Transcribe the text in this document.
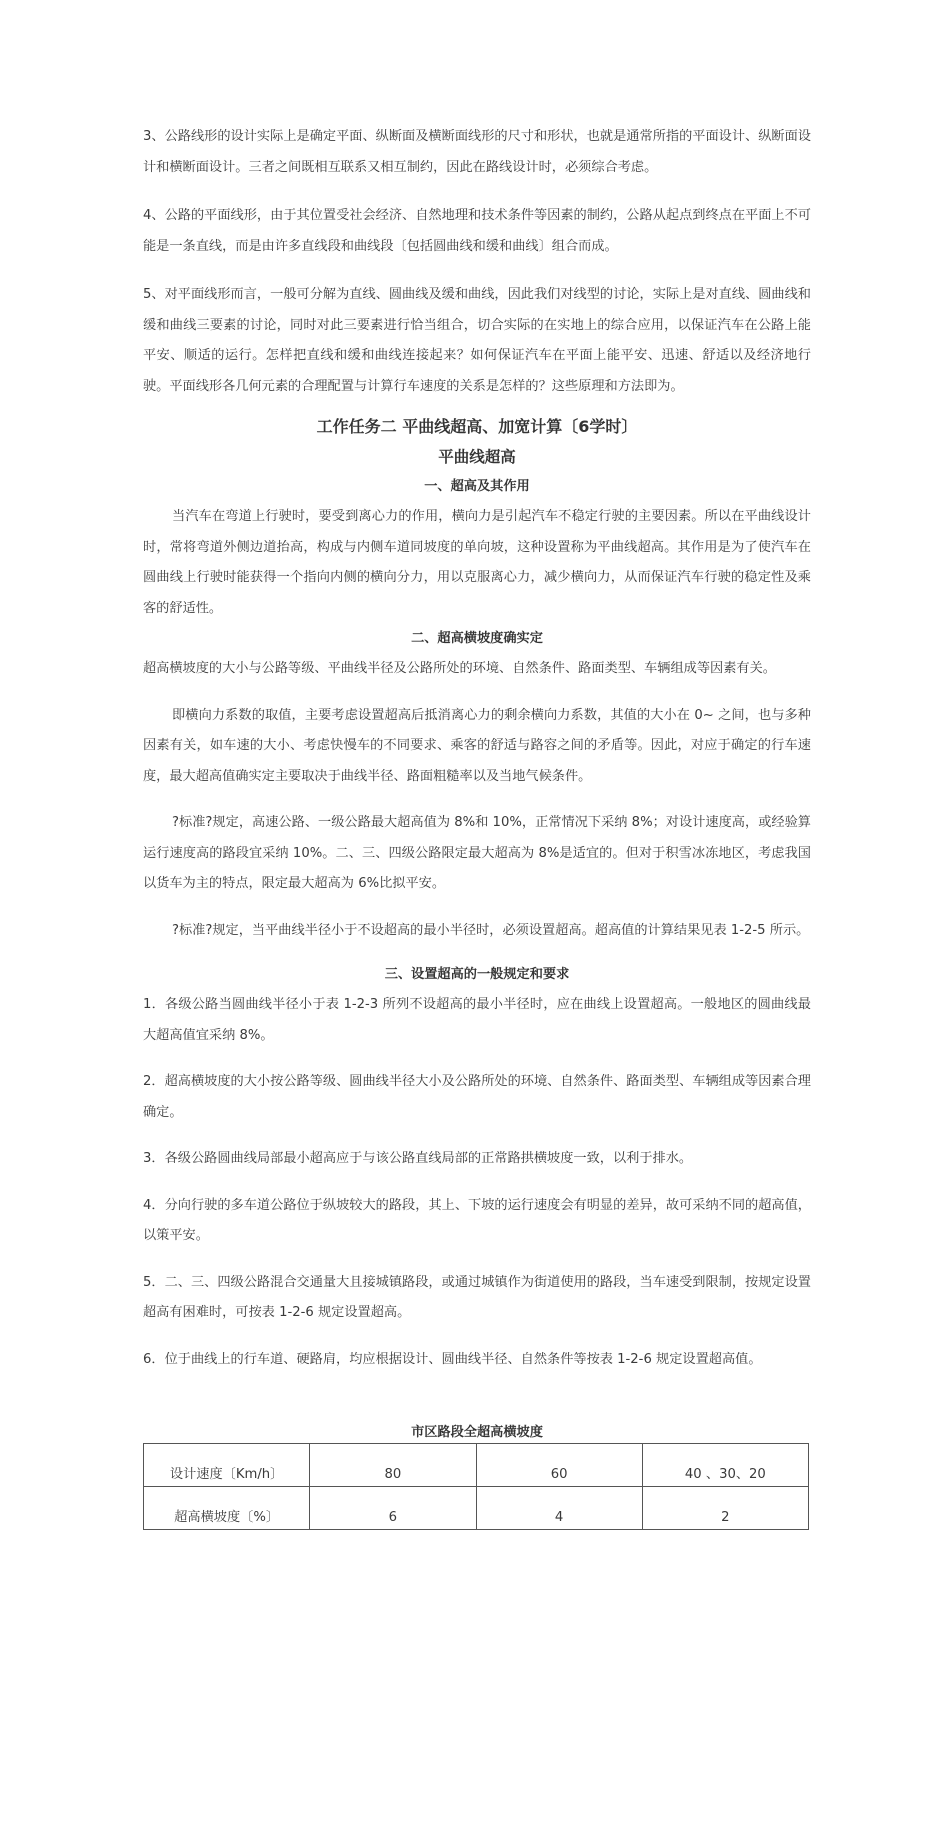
3、公路线形的设计实际上是确定平面、纵断面及横断面线形的尺寸和形状，也就是通常所指的平面设计、纵断面设计和横断面设计。三者之间既相互联系又相互制约，因此在路线设计时，必须综合考虑。

4、公路的平面线形，由于其位置受社会经济、自然地理和技术条件等因素的制约，公路从起点到终点在平面上不可能是一条直线，而是由许多直线段和曲线段〔包括圆曲线和缓和曲线〕组合而成。

5、对平面线形而言，一般可分解为直线、圆曲线及缓和曲线，因此我们对线型的讨论，实际上是对直线、圆曲线和缓和曲线三要素的讨论，同时对此三要素进行恰当组合，切合实际的在实地上的综合应用，以保证汽车在公路上能平安、顺适的运行。怎样把直线和缓和曲线连接起来？如何保证汽车在平面上能平安、迅速、舒适以及经济地行驶。平面线形各几何元素的合理配置与计算行车速度的关系是怎样的？这些原理和方法即为。

工作任务二 平曲线超高、加宽计算〔6学时〕
平曲线超高
一、超高及其作用

当汽车在弯道上行驶时，要受到离心力的作用，横向力是引起汽车不稳定行驶的主要因素。所以在平曲线设计时，常将弯道外侧边道抬高，构成与内侧车道同坡度的单向坡，这种设置称为平曲线超高。其作用是为了使汽车在圆曲线上行驶时能获得一个指向内侧的横向分力，用以克服离心力，减少横向力，从而保证汽车行驶的稳定性及乘客的舒适性。

二、超高横坡度确实定

超高横坡度的大小与公路等级、平曲线半径及公路所处的环境、自然条件、路面类型、车辆组成等因素有关。

即横向力系数的取值，主要考虑设置超高后抵消离心力的剩余横向力系数，其值的大小在 0~ 之间，也与多种因素有关，如车速的大小、考虑快慢车的不同要求、乘客的舒适与路容之间的矛盾等。因此，对应于确定的行车速度，最大超高值确实定主要取决于曲线半径、路面粗糙率以及当地气候条件。

?标准?规定，高速公路、一级公路最大超高值为 8%和 10%，正常情况下采纳 8%；对设计速度高，或经验算运行速度高的路段宜采纳 10%。二、三、四级公路限定最大超高为 8%是适宜的。但对于积雪冰冻地区，考虑我国以货车为主的特点，限定最大超高为 6%比拟平安。

?标准?规定，当平曲线半径小于不设超高的最小半径时，必须设置超高。超高值的计算结果见表 1-2-5 所示。

三、设置超高的一般规定和要求

1．各级公路当圆曲线半径小于表 1-2-3 所列不设超高的最小半径时，应在曲线上设置超高。一般地区的圆曲线最大超高值宜采纳 8%。

2．超高横坡度的大小按公路等级、圆曲线半径大小及公路所处的环境、自然条件、路面类型、车辆组成等因素合理确定。

3．各级公路圆曲线局部最小超高应于与该公路直线局部的正常路拱横坡度一致，以利于排水。

4．分向行驶的多车道公路位于纵坡较大的路段，其上、下坡的运行速度会有明显的差异，故可采纳不同的超高值，以策平安。

5．二、三、四级公路混合交通量大且接城镇路段，或通过城镇作为街道使用的路段，当车速受到限制，按规定设置超高有困难时，可按表 1-2-6 规定设置超高。

6．位于曲线上的行车道、硬路肩，均应根据设计、圆曲线半径、自然条件等按表 1-2-6 规定设置超高值。

市区路段全超高横坡度
设计速度〔Km/h〕	80	60	40 、30、20
超高横坡度〔%〕	6	4	2
